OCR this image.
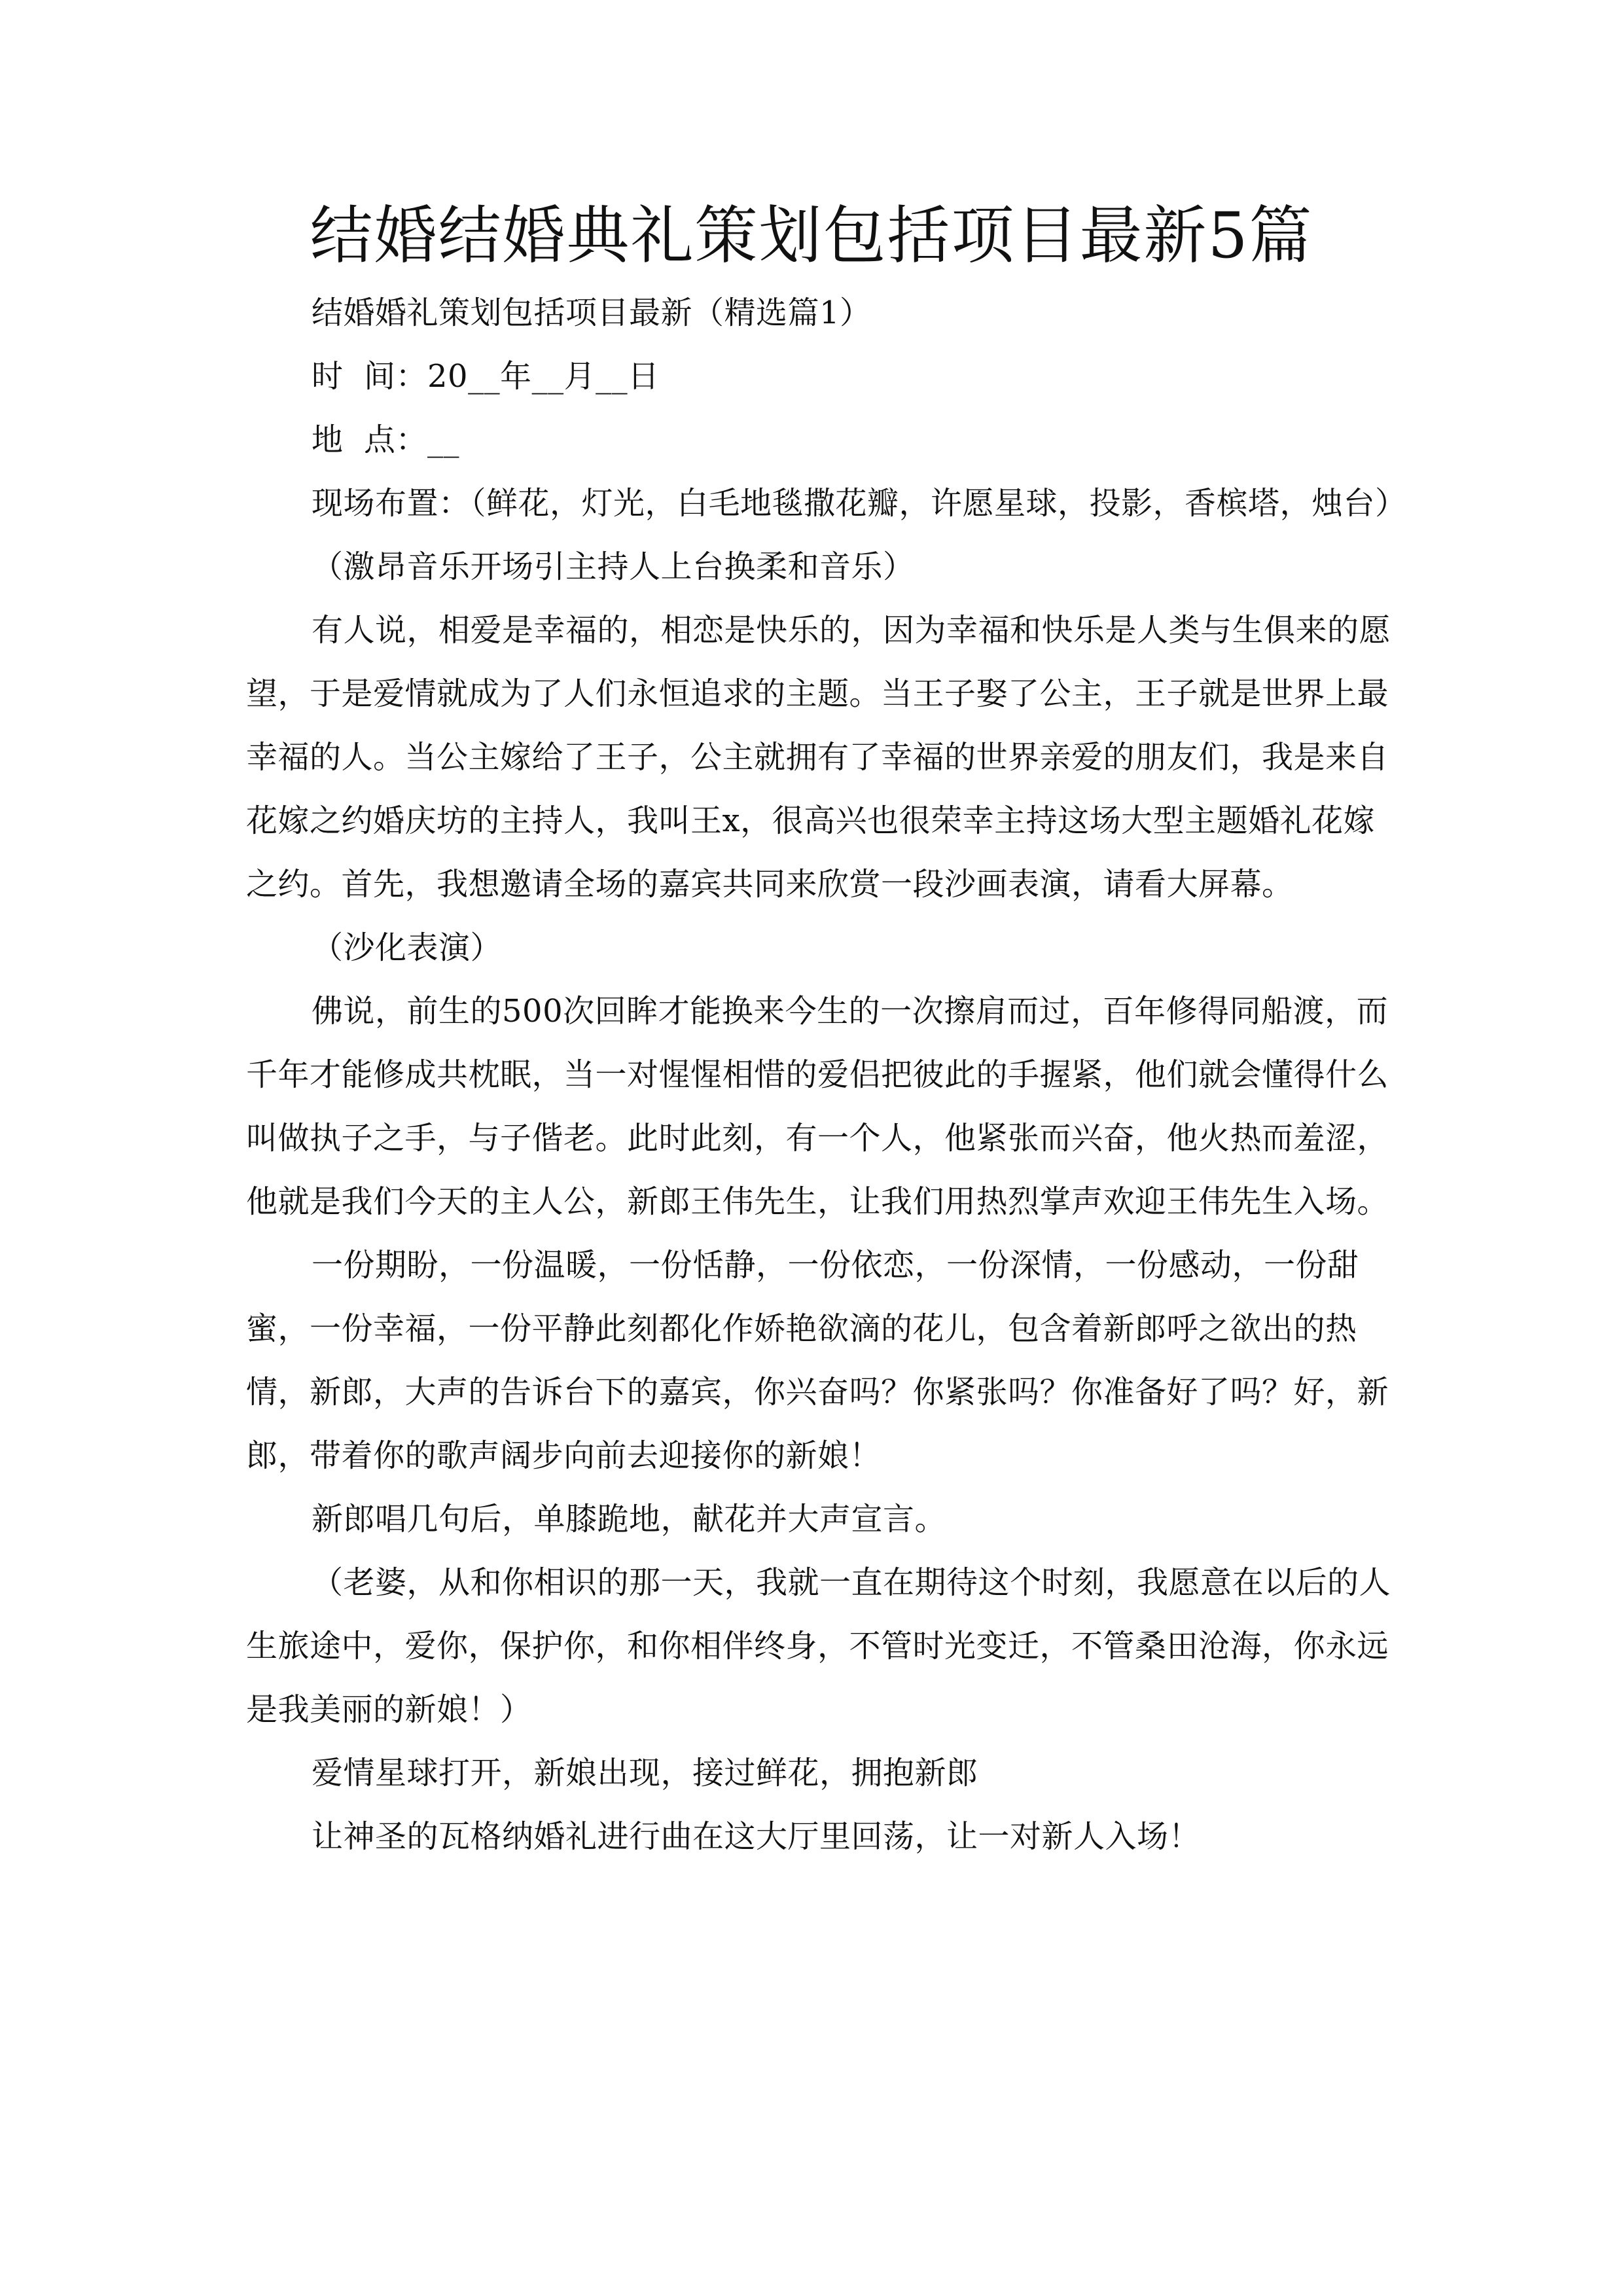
结婚结婚典礼策划包括项目最新5篇

结婚婚礼策划包括项目最新（精选篇1）

时  间：20__年__月__日

地  点：__

现场布置：（鲜花，灯光，白毛地毯撒花瓣，许愿星球，投影，香槟塔，烛台）

（激昂音乐开场引主持人上台换柔和音乐）

有人说，相爱是幸福的，相恋是快乐的，因为幸福和快乐是人类与生俱来的愿望，于是爱情就成为了人们永恒追求的主题。当王子娶了公主，王子就是世界上最幸福的人。当公主嫁给了王子，公主就拥有了幸福的世界亲爱的朋友们，我是来自花嫁之约婚庆坊的主持人，我叫王x，很高兴也很荣幸主持这场大型主题婚礼花嫁之约。首先，我想邀请全场的嘉宾共同来欣赏一段沙画表演，请看大屏幕。

（沙化表演）

佛说，前生的500次回眸才能换来今生的一次擦肩而过，百年修得同船渡，而千年才能修成共枕眠，当一对惺惺相惜的爱侣把彼此的手握紧，他们就会懂得什么叫做执子之手，与子偕老。此时此刻，有一个人，他紧张而兴奋，他火热而羞涩，他就是我们今天的主人公，新郎王伟先生，让我们用热烈掌声欢迎王伟先生入场。

一份期盼，一份温暖，一份恬静，一份依恋，一份深情，一份感动，一份甜蜜，一份幸福，一份平静此刻都化作娇艳欲滴的花儿，包含着新郎呼之欲出的热情，新郎，大声的告诉台下的嘉宾，你兴奋吗？你紧张吗？你准备好了吗？好，新郎，带着你的歌声阔步向前去迎接你的新娘！

新郎唱几句后，单膝跪地，献花并大声宣言。

（老婆，从和你相识的那一天，我就一直在期待这个时刻，我愿意在以后的人生旅途中，爱你，保护你，和你相伴终身，不管时光变迁，不管桑田沧海，你永远是我美丽的新娘！）

爱情星球打开，新娘出现，接过鲜花，拥抱新郎

让神圣的瓦格纳婚礼进行曲在这大厅里回荡，让一对新人入场！
